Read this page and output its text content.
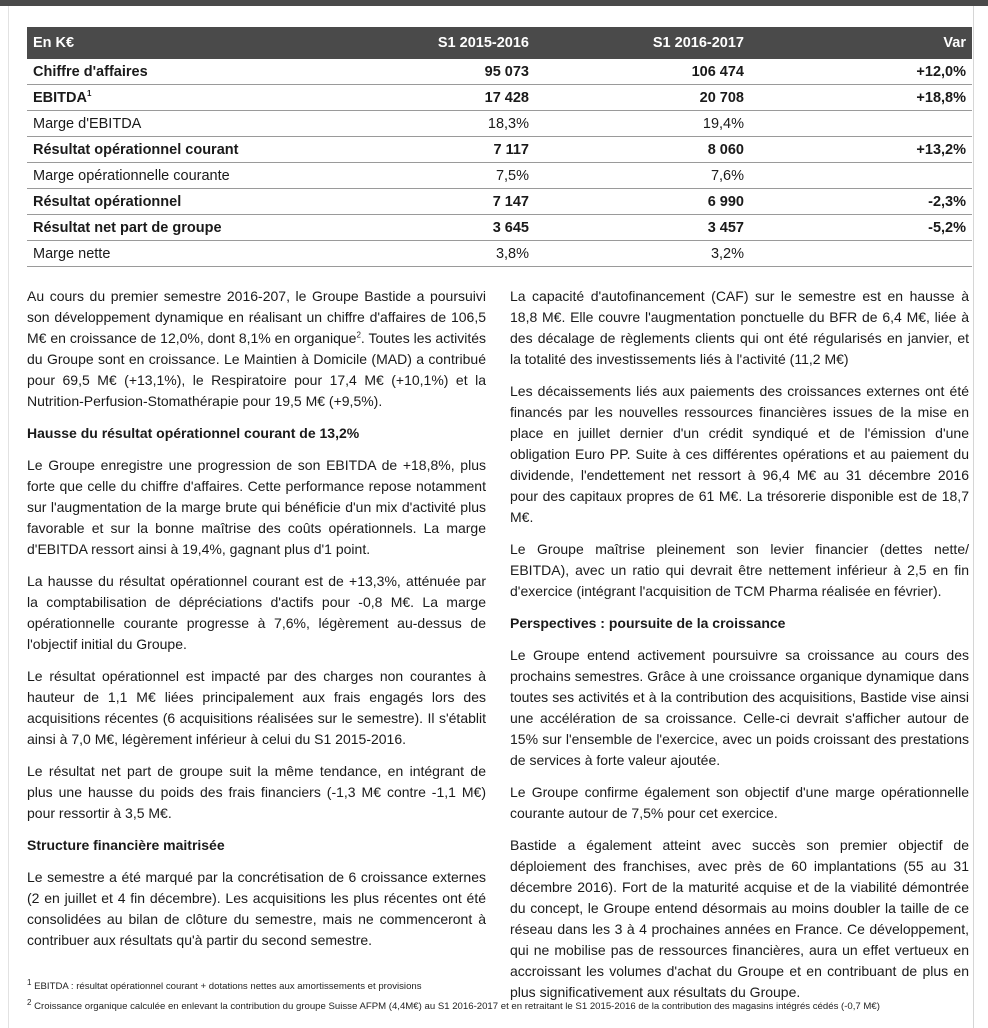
En K€	S1 2015-2016	S1 2016-2017	Var
Chiffre d'affaires	95 073	106 474	+12,0%
EBITDA$^1$	17 428	20 708	+18,8%
Marge d'EBITDA	18,3%	19,4%	
Résultat opérationnel courant	7 117	8 060	+13,2%
Marge opérationnelle courante	7,5%	7,6%	
Résultat opérationnel	7 147	6 990	-2,3%
Résultat net part de groupe	3 645	3 457	-5,2%
Marge nette	3,8%	3,2%	

Au cours du premier semestre 2016-207, le Groupe Bastide a poursuivi son développement dynamique en réalisant un chiffre d'affaires de 106,5 M€ en croissance de 12,0%, dont 8,1% en organique$^2$. Toutes les activités du Groupe sont en croissance. Le Maintien à Domicile (MAD) a contribué pour 69,5 M€ (+13,1%), le Respiratoire pour 17,4 M€ (+10,1%) et la Nutrition-Perfusion-Stomathérapie pour 19,5 M€ (+9,5%).

Hausse du résultat opérationnel courant de 13,2%

Le Groupe enregistre une progression de son EBITDA de +18,8%, plus forte que celle du chiffre d'affaires. Cette performance repose notamment sur l'augmentation de la marge brute qui bénéficie d'un mix d'activité plus favorable et sur la bonne maîtrise des coûts opérationnels. La marge d'EBITDA ressort ainsi à 19,4%, gagnant plus d'1 point.

La hausse du résultat opérationnel courant est de +13,3%, atténuée par la comptabilisation de dépréciations d'actifs pour -0,8 M€. La marge opérationnelle courante progresse à 7,6%, légèrement au-dessus de l'objectif initial du Groupe.

Le résultat opérationnel est impacté par des charges non courantes à hauteur de 1,1 M€ liées principalement aux frais engagés lors des acquisitions récentes (6 acquisitions réalisées sur le semestre). Il s'établit ainsi à 7,0 M€, légèrement inférieur à celui du S1 2015-2016.

Le résultat net part de groupe suit la même tendance, en intégrant de plus une hausse du poids des frais financiers (-1,3 M€ contre -1,1 M€) pour ressortir à 3,5 M€.

Structure financière maitrisée

Le semestre a été marqué par la concrétisation de 6 croissance externes (2 en juillet et 4 fin décembre). Les acquisitions les plus récentes ont été consolidées au bilan de clôture du semestre, mais ne commenceront à contribuer aux résultats qu'à partir du second semestre.

La capacité d'autofinancement (CAF) sur le semestre est en hausse à 18,8 M€. Elle couvre l'augmentation ponctuelle du BFR de 6,4 M€, liée à des décalage de règlements clients qui ont été régularisés en janvier, et la totalité des investissements liés à l'activité (11,2 M€)

Les décaissements liés aux paiements des croissances externes ont été financés par les nouvelles ressources financières issues de la mise en place en juillet dernier d'un crédit syndiqué et de l'émission d'une obligation Euro PP. Suite à ces différentes opérations et au paiement du dividende, l'endettement net ressort à 96,4 M€ au 31 décembre 2016 pour des capitaux propres de 61 M€. La trésorerie disponible est de 18,7 M€.

Le Groupe maîtrise pleinement son levier financier (dettes nette/ EBITDA), avec un ratio qui devrait être nettement inférieur à 2,5 en fin d'exercice (intégrant l'acquisition de TCM Pharma réalisée en février).

Perspectives : poursuite de la croissance

Le Groupe entend activement poursuivre sa croissance au cours des prochains semestres. Grâce à une croissance organique dynamique dans toutes ses activités et à la contribution des acquisitions, Bastide vise ainsi une accélération de sa croissance. Celle-ci devrait s'afficher autour de 15% sur l'ensemble de l'exercice, avec un poids croissant des prestations de services à forte valeur ajoutée.

Le Groupe confirme également son objectif d'une marge opérationnelle courante autour de 7,5% pour cet exercice.

Bastide a également atteint avec succès son premier objectif de déploiement des franchises, avec près de 60 implantations (55 au 31 décembre 2016). Fort de la maturité acquise et de la viabilité démontrée du concept, le Groupe entend désormais au moins doubler la taille de ce réseau dans les 3 à 4 prochaines années en France. Ce développement, qui ne mobilise pas de ressources financières, aura un effet vertueux en accroissant les volumes d'achat du Groupe et en contribuant de plus en plus significativement aux résultats du Groupe.

$^1$ EBITDA : résultat opérationnel courant + dotations nettes aux amortissements et provisions
$^2$ Croissance organique calculée en enlevant la contribution du groupe Suisse AFPM (4,4M€) au S1 2016-2017 et en retraitant le S1 2015-2016 de la contribution des magasins intégrés cédés (-0,7 M€)
